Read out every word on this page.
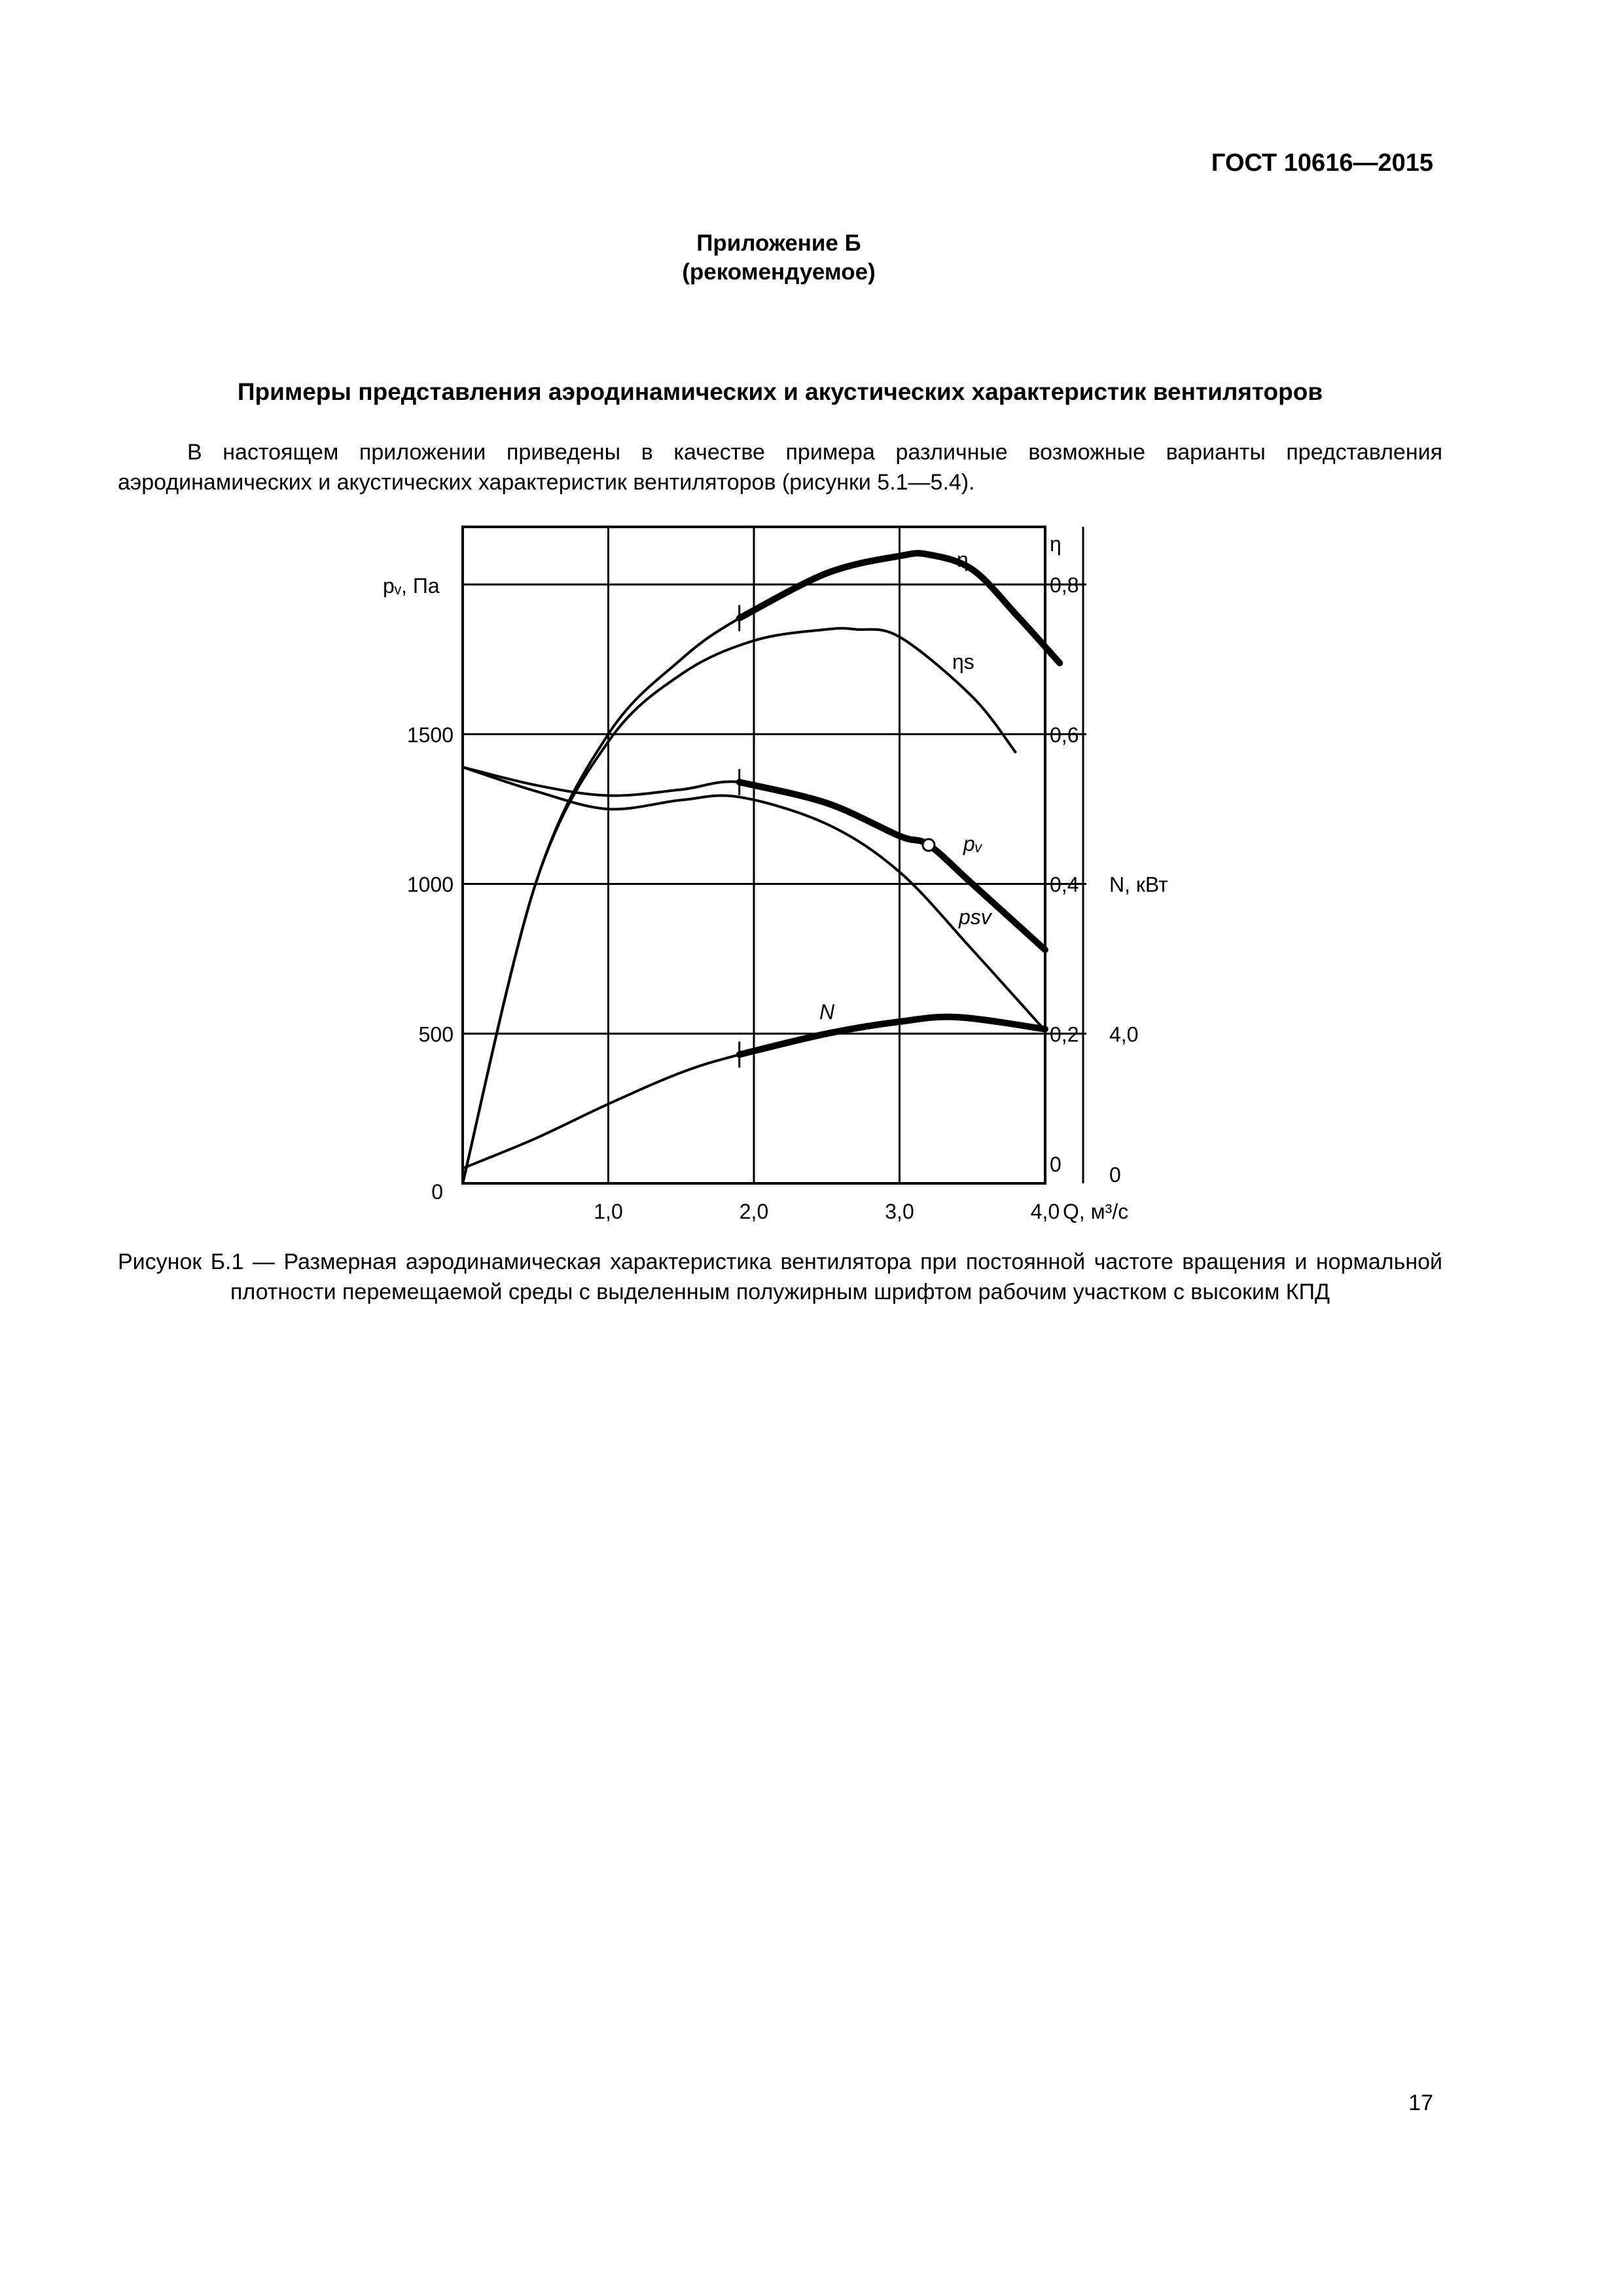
ГОСТ 10616—2015
Приложение Б
(рекомендуемое)
Примеры представления аэродинамических и акустических характеристик вентиляторов
В настоящем приложении приведены в качестве примера различные возможные варианты представления аэродинамических и акустических характеристик вентиляторов (рисунки 5.1—5.4).
1,0	2,0	3,0	4,0 Q, м³/с
0
500
1000
1500
pᵥ, Па
0
0,2
0,4
0,6
0,8
η
0
4,0
N, кВт
η
ηs
pᵥ
psv
N
Рисунок Б.1 — Размерная аэродинамическая характеристика вентилятора при постоянной частоте вращения и нормальной плотности перемещаемой среды с выделенным полужирным шрифтом рабочим участком с высоким КПД
17
